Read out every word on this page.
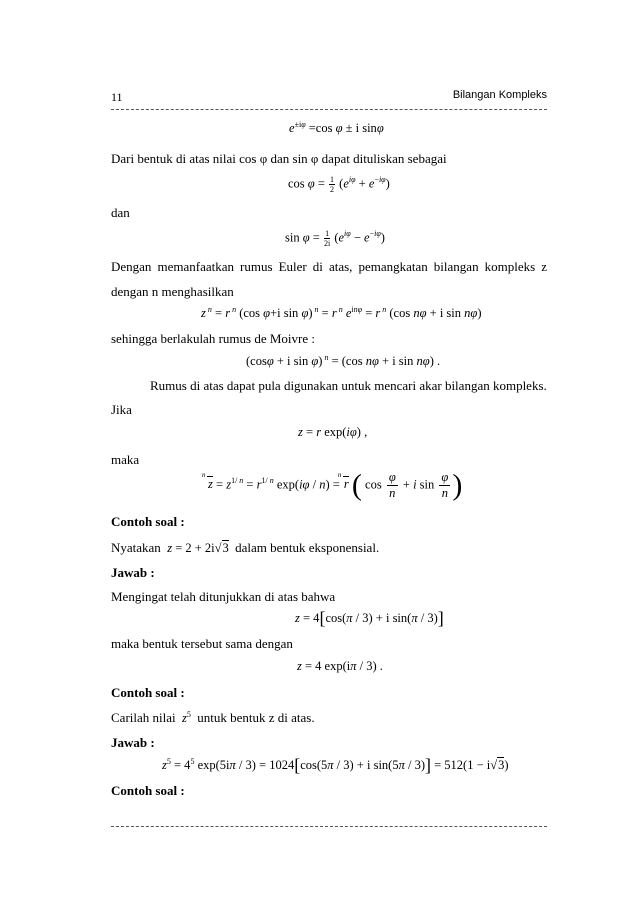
11	Bilangan Kompleks
$e^{\pm i\varphi} =\cos$ φ ± i sinφ
Dari bentuk di atas nilai cos φ dan sin φ dapat dituliskan sebagai
$\cos \varphi = \frac{1}{2} (e^{i\varphi} + e^{-i\varphi})$
dan
$\sin \varphi = \frac{1}{2i} (e^{i\varphi} - e^{-i\varphi})$
Dengan memanfaatkan rumus Euler di atas, pemangkatan bilangan kompleks z
dengan n menghasilkan
z $^n$ = r $^n$ (cos φ+i sin φ) $^n$ = r $^n$ $e^{in\varphi} = r$ $^n$ (cos nφ + i sin nφ)
sehingga berlakulah rumus de Moivre :
(cosφ + i sin φ) $^n$ = (cos nφ + i sin nφ) .
Rumus di atas dapat pula digunakan untuk mencari akar bilangan kompleks.
Jika
z = r exp(iφ) ,
maka
n
$z = z^{1/ n} = r^{1/ n}$ exp(iφ / n) =
n
r ( $\cos \frac{\varphi}{n} + i$ $\sin \frac{\varphi}{n}$ )
Contoh soal :
Nyatakan z = 2 + 2i√3 dalam bentuk eksponensial.
Jawab :
Mengingat telah ditunjukkan di atas bahwa
z = 4[cos(π / 3) + i sin(π / 3)]
maka bentuk tersebut sama dengan
z = 4 exp(iπ / 3) .
Contoh soal :
Carilah nilai $z^5$ untuk bentuk z di atas.
Jawab :
$z^5 = 4^5$ exp(5iπ / 3) = 1024[cos(5π / 3) + i sin(5π / 3)] = 512(1 − i√3)
Contoh soal :
